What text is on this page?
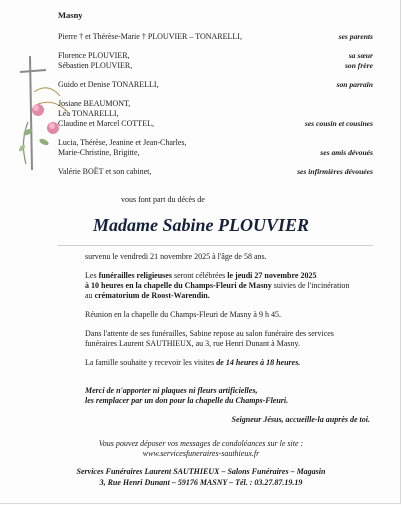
Masny
Pierre † et Thérèse-Marie † PLOUVIER – TONARELLI,	ses parents
Florence PLOUVIER,	sa sœur
Sébastien PLOUVIER,	son frère
Guido et Denise TONARELLI,	son parrain
Josiane BEAUMONT,
Léa TONARELLI,
Claudine et Marcel COTTEL,	ses cousin et cousines
Lucia, Thérèse, Jeanine et Jean-Charles,
Marie-Christine, Brigitte,	ses amis dévoués
Valérie BOËT et son cabinet,	ses infirmières dévouées
vous font part du décès de
Madame Sabine PLOUVIER
survenu le vendredi 21 novembre 2025 à l'âge de 58 ans.
Les funérailles religieuses seront célébrées le jeudi 27 novembre 2025
à 10 heures en la chapelle du Champs-Fleuri de Masny suivies de l'incinération
au crématorium de Roost-Warendin.
Réunion en la chapelle du Champs-Fleuri de Masny à 9 h 45.
Dans l'attente de ses funérailles, Sabine repose au salon funéraire des services
funéraires Laurent SAUTHIEUX, au 3, rue Henri Dunant à Masny.
La famille souhaite y recevoir les visites de 14 heures à 18 heures.
Merci de n'apporter ni plaques ni fleurs artificielles,
les remplacer par un don pour la chapelle du Champs-Fleuri.
Seigneur Jésus, accueille-la auprès de toi.
Vous pouvez déposer vos messages de condoléances sur le site :
www.servicesfuneraires-sauthieux.fr
Services Funéraires Laurent SAUTHIEUX – Salons Funéraires – Magasin
3, Rue Henri Dunant – 59176 MASNY – Tél. : 03.27.87.19.19
